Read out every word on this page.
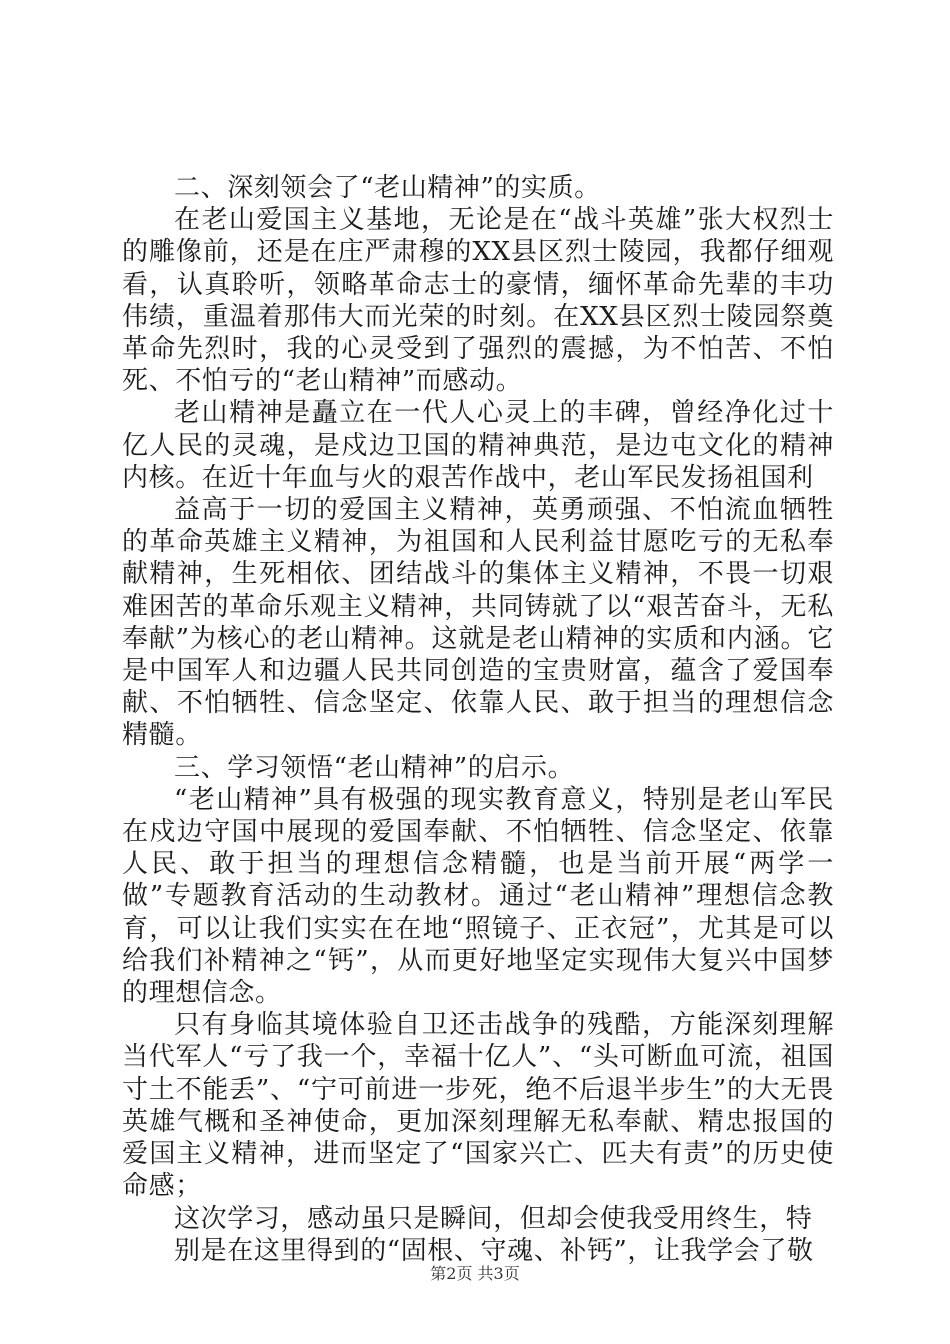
二、深刻领会了“老山精神”的实质。

在老山爱国主义基地，无论是在“战斗英雄”张大权烈士的雕像前，还是在庄严肃穆的XX县区烈士陵园，我都仔细观看，认真聆听，领略革命志士的豪情，缅怀革命先辈的丰功伟绩，重温着那伟大而光荣的时刻。在XX县区烈士陵园祭奠革命先烈时，我的心灵受到了强烈的震撼，为不怕苦、不怕死、不怕亏的“老山精神”而感动。

老山精神是矗立在一代人心灵上的丰碑，曾经净化过十亿人民的灵魂，是戍边卫国的精神典范，是边屯文化的精神内核。在近十年血与火的艰苦作战中，老山军民发扬祖国利

益高于一切的爱国主义精神，英勇顽强、不怕流血牺牲的革命英雄主义精神，为祖国和人民利益甘愿吃亏的无私奉献精神，生死相依、团结战斗的集体主义精神，不畏一切艰难困苦的革命乐观主义精神，共同铸就了以“艰苦奋斗，无私奉献”为核心的老山精神。这就是老山精神的实质和内涵。它是中国军人和边疆人民共同创造的宝贵财富，蕴含了爱国奉献、不怕牺牲、信念坚定、依靠人民、敢于担当的理想信念精髓。

三、学习领悟“老山精神”的启示。

“老山精神”具有极强的现实教育意义，特别是老山军民在戍边守国中展现的爱国奉献、不怕牺牲、信念坚定、依靠人民、敢于担当的理想信念精髓，也是当前开展“两学一做”专题教育活动的生动教材。通过“老山精神”理想信念教育，可以让我们实实在在地“照镜子、正衣冠”，尤其是可以给我们补精神之“钙”，从而更好地坚定实现伟大复兴中国梦的理想信念。

只有身临其境体验自卫还击战争的残酷，方能深刻理解当代军人“亏了我一个，幸福十亿人”、“头可断血可流，祖国寸土不能丢”、“宁可前进一步死，绝不后退半步生”的大无畏英雄气概和圣神使命，更加深刻理解无私奉献、精忠报国的爱国主义精神，进而坚定了“国家兴亡、匹夫有责”的历史使命感；

这次学习，感动虽只是瞬间，但却会使我受用终生，特

别是在这里得到的“固根、守魂、补钙”，让我学会了敬

第2页 共3页
